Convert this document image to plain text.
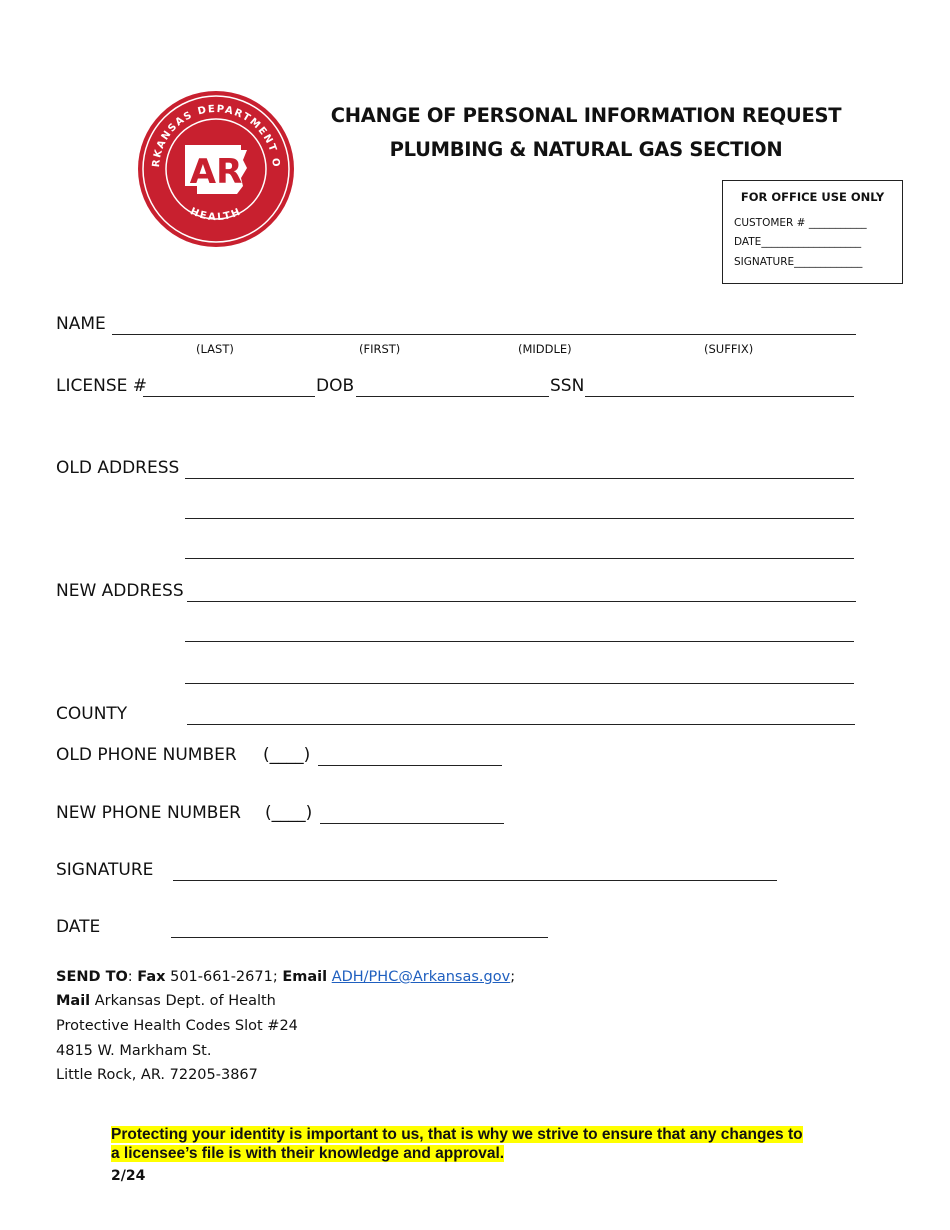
RKANSAS DEPARTMENT O
HEALTH
AR
CHANGE OF PERSONAL INFORMATION REQUEST
PLUMBING & NATURAL GAS SECTION
FOR OFFICE USE ONLY
CUSTOMER # ___________
DATE___________________
SIGNATURE_____________
NAME
(LAST)	(FIRST)	(MIDDLE)	(SUFFIX)
LICENSE #	DOB	SSN
OLD ADDRESS
NEW ADDRESS
COUNTY
OLD PHONE NUMBER (____)
NEW PHONE NUMBER (____)
SIGNATURE
DATE
SEND TO: Fax 501-661-2671; Email ADH/PHC@Arkansas.gov;
Mail Arkansas Dept. of Health
Protective Health Codes Slot #24
4815 W. Markham St.
Little Rock, AR. 72205-3867
Protecting your identity is important to us, that is why we strive to ensure that any changes to a licensee’s file is with their knowledge and approval.
2/24
